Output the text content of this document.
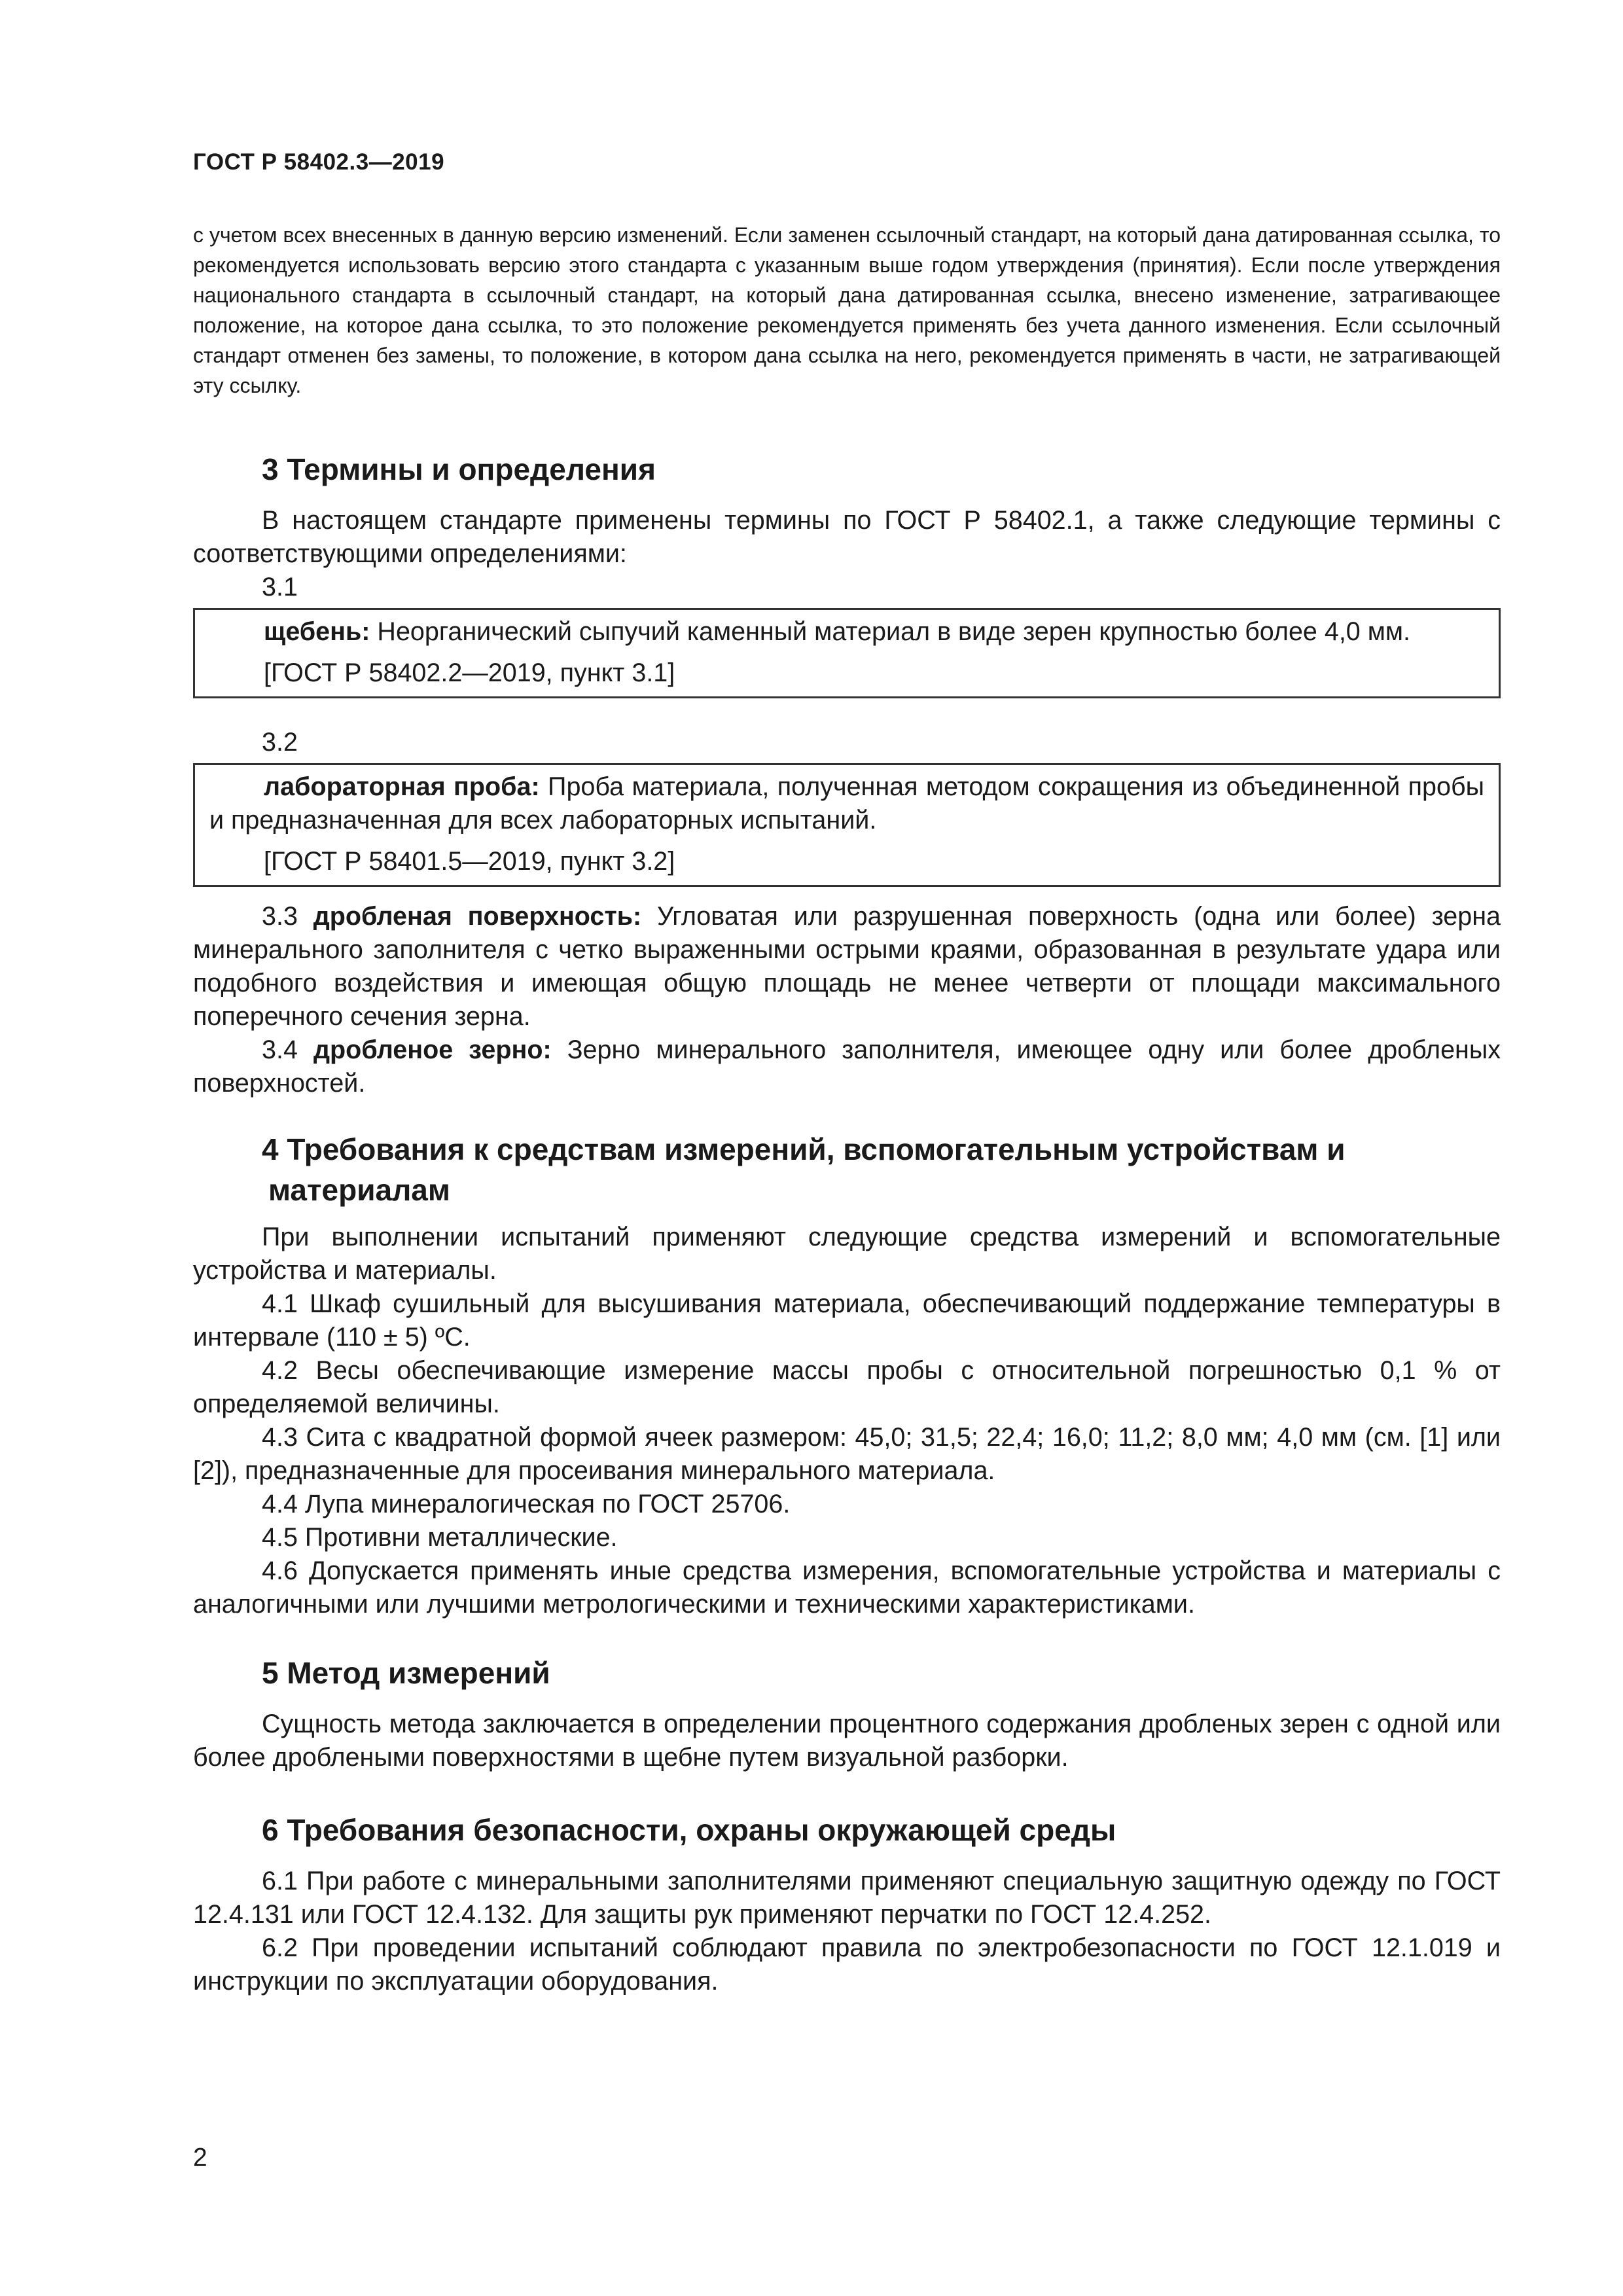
ГОСТ Р 58402.3—2019

с учетом всех внесенных в данную версию изменений. Если заменен ссылочный стандарт, на который дана датированная ссылка, то рекомендуется использовать версию этого стандарта с указанным выше годом утверждения (принятия). Если после утверждения национального стандарта в ссылочный стандарт, на который дана датированная ссылка, внесено изменение, затрагивающее положение, на которое дана ссылка, то это положение рекомендуется применять без учета данного изменения. Если ссылочный стандарт отменен без замены, то положение, в котором дана ссылка на него, рекомендуется применять в части, не затрагивающей эту ссылку.

3 Термины и определения

В настоящем стандарте применены термины по ГОСТ Р 58402.1, а также следующие термины с соответствующими определениями:

3.1

щебень: Неорганический сыпучий каменный материал в виде зерен крупностью более 4,0 мм.

[ГОСТ Р 58402.2—2019, пункт 3.1]
3.2

лабораторная проба: Проба материала, полученная методом сокращения из объединенной пробы и предназначенная для всех лабораторных испытаний.

[ГОСТ Р 58401.5—2019, пункт 3.2]

3.3 дробленая поверхность: Угловатая или разрушенная поверхность (одна или более) зерна минерального заполнителя с четко выраженными острыми краями, образованная в результате удара или подобного воздействия и имеющая общую площадь не менее четверти от площади максимального поперечного сечения зерна.

3.4 дробленое зерно: Зерно минерального заполнителя, имеющее одну или более дробленых поверхностей.

4 Требования к средствам измерений, вспомогательным устройствам и
материалам

При выполнении испытаний применяют следующие средства измерений и вспомогательные устройства и материалы.

4.1 Шкаф сушильный для высушивания материала, обеспечивающий поддержание температуры в интервале (110 ± 5) ºС.

4.2 Весы обеспечивающие измерение массы пробы с относительной погрешностью 0,1 % от определяемой величины.

4.3 Сита с квадратной формой ячеек размером: 45,0; 31,5; 22,4; 16,0; 11,2; 8,0 мм; 4,0 мм (см. [1] или [2]), предназначенные для просеивания минерального материала.

4.4 Лупа минералогическая по ГОСТ 25706.

4.5 Противни металлические.

4.6 Допускается применять иные средства измерения, вспомогательные устройства и материалы с аналогичными или лучшими метрологическими и техническими характеристиками.

5 Метод измерений

Сущность метода заключается в определении процентного содержания дробленых зерен с одной или более дроблеными поверхностями в щебне путем визуальной разборки.

6 Требования безопасности, охраны окружающей среды

6.1 При работе с минеральными заполнителями применяют специальную защитную одежду по ГОСТ 12.4.131 или ГОСТ 12.4.132. Для защиты рук применяют перчатки по ГОСТ 12.4.252.

6.2 При проведении испытаний соблюдают правила по электробезопасности по ГОСТ 12.1.019 и инструкции по эксплуатации оборудования.

2
